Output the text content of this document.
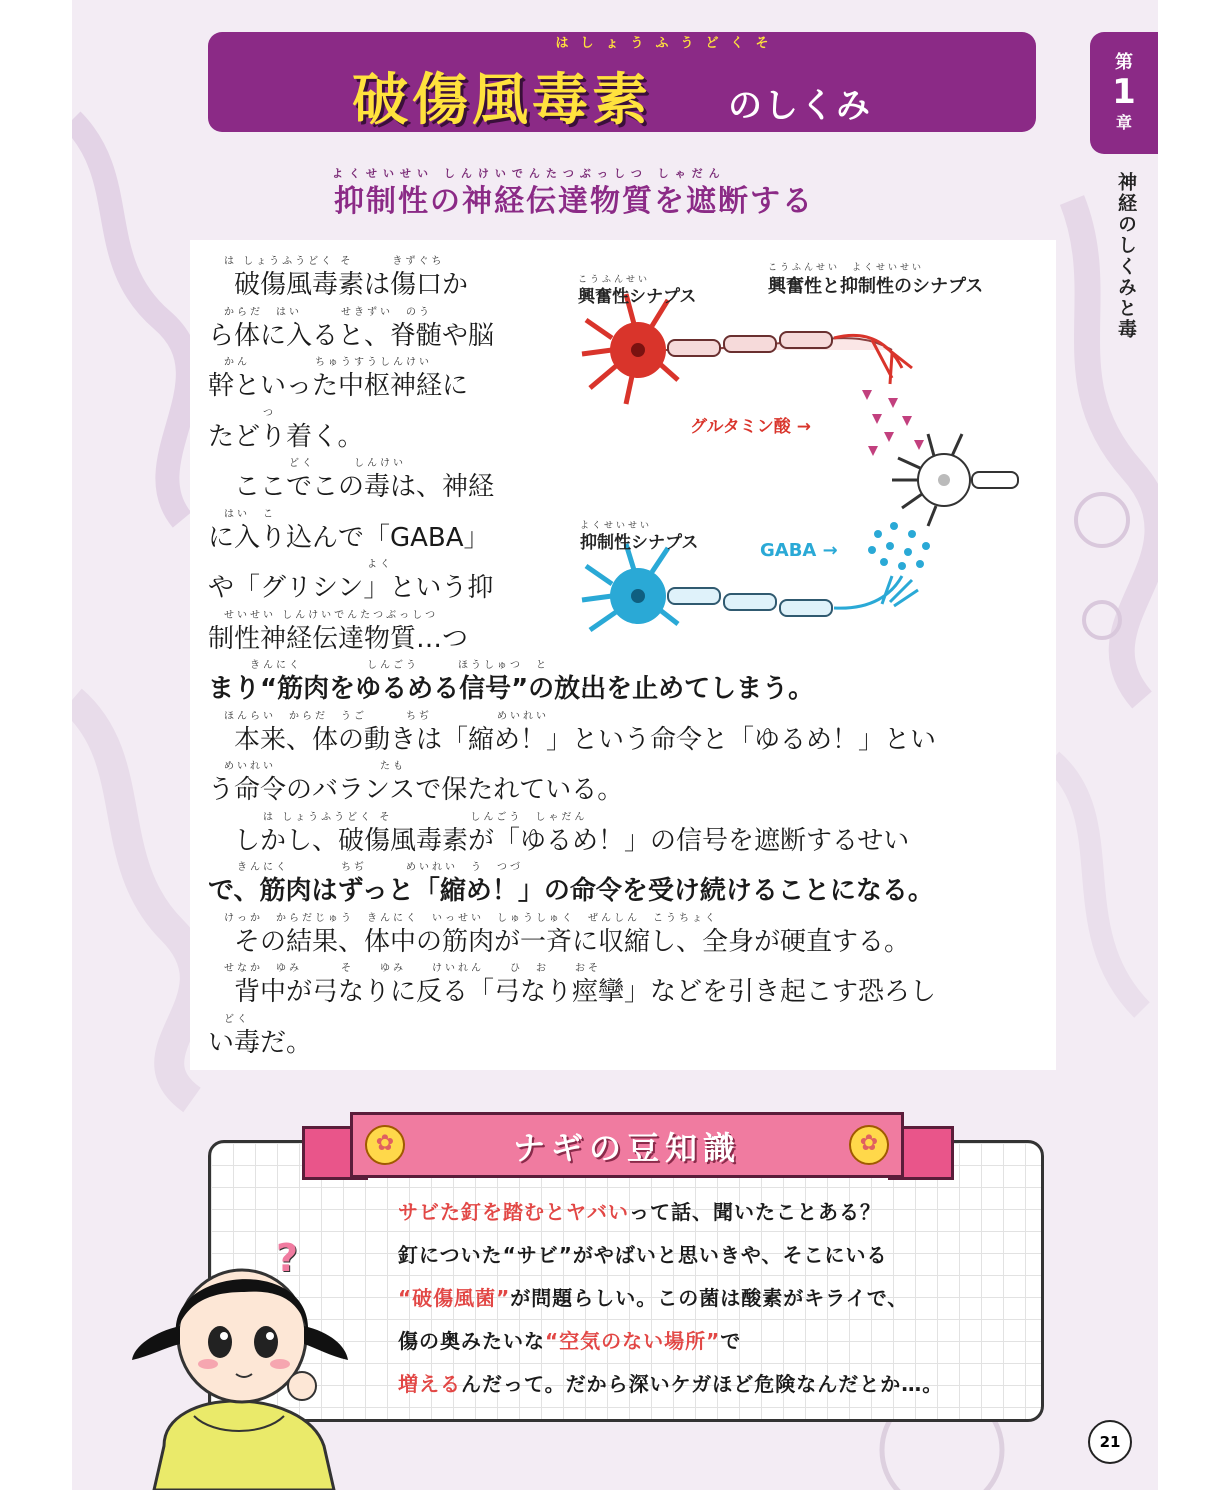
はしょうふうどくそ
破傷風毒素 のしくみ
第
1
章
神経のしくみと毒
よくせいせい しんけいでんたつぶっしつ しゃだん
抑制性の神経伝達物質を遮断する
は しょうふうどく そ　　　きずぐち
　破傷風毒素は傷口か
からだ　はい　　　せきずい　のう
ら体に入ると、脊髄や脳
かん　　　　　ちゅうすうしんけい
幹といった中枢神経に
　　　つ
たどり着く。
　　　　　どく　　　しんけい
　ここでこの毒は、神経
はい　こ
に入り込んで「GABA」
　　　　　　　　　　　よく
や「グリシン」という抑
せいせい しんけいでんたつぶっしつ
制性神経伝達物質…つ
　　きんにく　　　　　しんごう　　　ほうしゅつ　と
まり“筋肉をゆるめる信号”の放出を止めてしまう。
ほんらい　からだ　うご　　　ちぢ　　　　　めいれい
　本来、体の動きは「縮め！」という命令と「ゆるめ！」とい
めいれい　　　　　　　　たも
う命令のバランスで保たれている。
　　　は しょうふうどく そ　　　　　　しんごう　しゃだん
　しかし、破傷風毒素が「ゆるめ！」の信号を遮断するせい
　きんにく　　　　ちぢ　　　めいれい　う　つづ
で、筋肉はずっと「縮め！」の命令を受け続けることになる。
けっか　からだじゅう　きんにく　いっせい　しゅうしゅく　ぜんしん　こうちょく
　その結果、体中の筋肉が一斉に収縮し、全身が硬直する。
せなか　ゆみ　　　そ　　ゆみ　　けいれん　　ひ　お　　おそ
　背中が弓なりに反る「弓なり痙攣」などを引き起こす恐ろし
どく
い毒だ。
興奮性シナプス
こうふんせい	興奮性と抑制性のシナプス
こうふんせい　よくせいせい
グルタミン酸 →
抑制性シナプス
よくせいせい
GABA →
✿	ナギの豆知識	✿
?
21
サビた釘を踏むとヤバいって話、聞いたことある？
釘についた“サビ”がやばいと思いきや、そこにいる
“破傷風菌”が問題らしい。この菌は酸素がキライで、
傷の奥みたいな“空気のない場所”で
増えるんだって。だから深いケガほど危険なんだとか…。
